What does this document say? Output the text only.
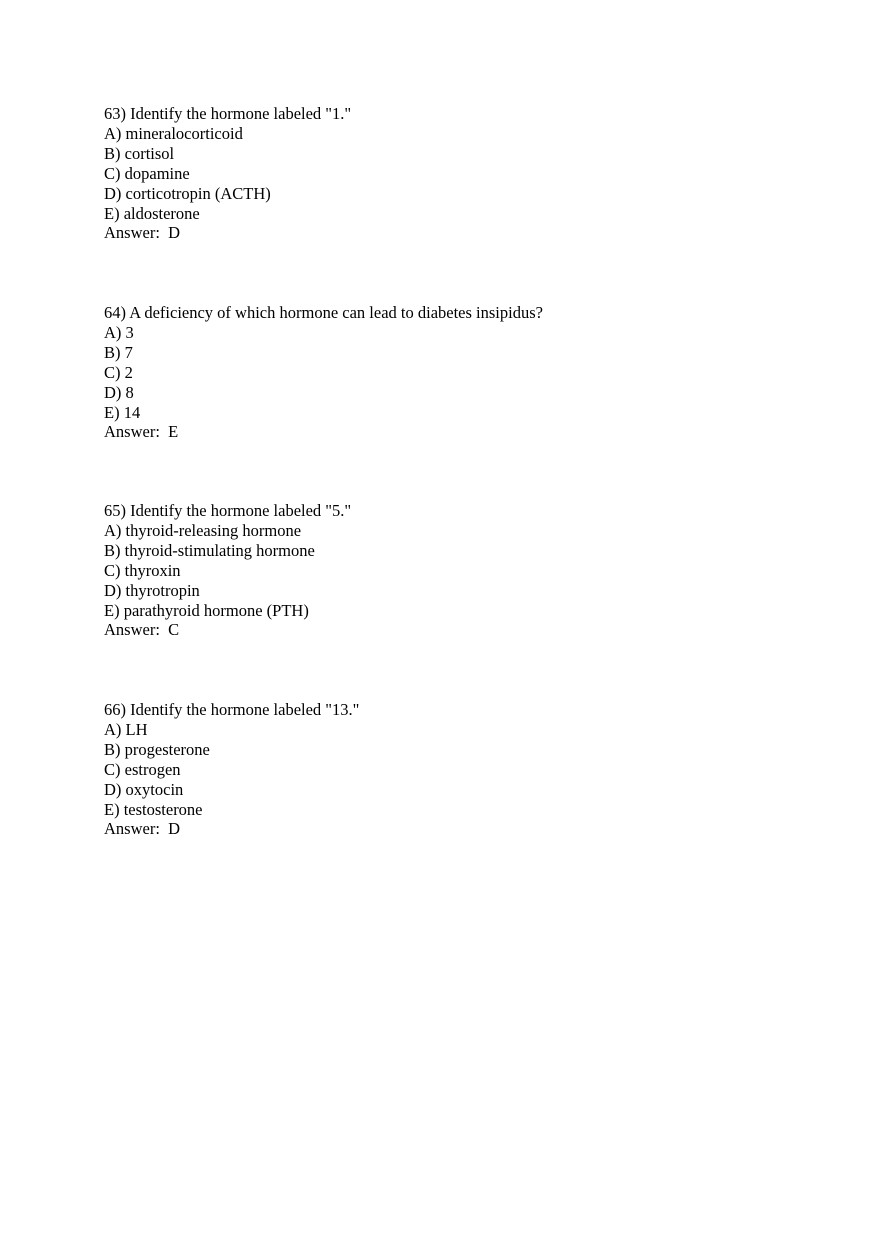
63) Identify the hormone labeled "1."
A) mineralocorticoid
B) cortisol
C) dopamine
D) corticotropin (ACTH)
E) aldosterone
Answer:  D
64) A deficiency of which hormone can lead to diabetes insipidus?
A) 3
B) 7
C) 2
D) 8
E) 14
Answer:  E
65) Identify the hormone labeled "5."
A) thyroid-releasing hormone
B) thyroid-stimulating hormone
C) thyroxin
D) thyrotropin
E) parathyroid hormone (PTH)
Answer:  C
66) Identify the hormone labeled "13."
A) LH
B) progesterone
C) estrogen
D) oxytocin
E) testosterone
Answer:  D
